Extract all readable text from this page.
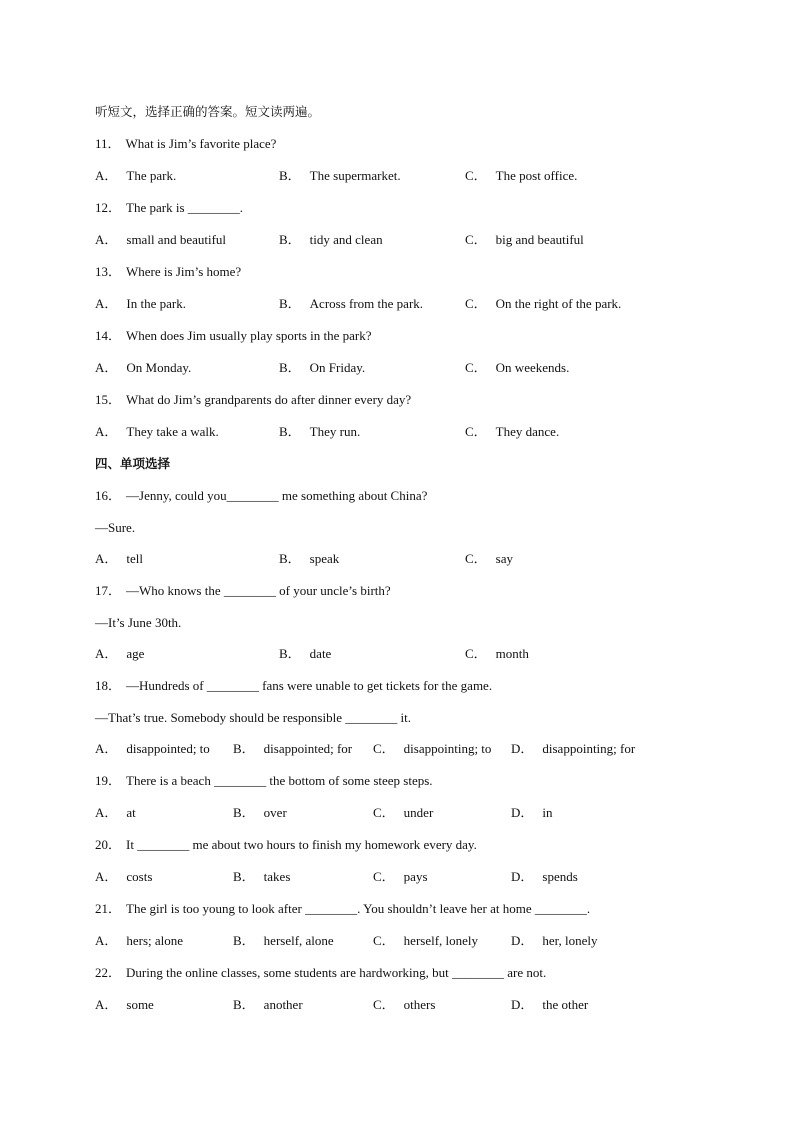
听短文，选择正确的答案。短文读两遍。
11． What is Jim’s favorite place?
A． The park.	B． The supermarket.	C． The post office.
12． The park is ________.
A． small and beautiful	B． tidy and clean	C． big and beautiful
13． Where is Jim’s home?
A． In the park.	B． Across from the park.	C． On the right of the park.
14． When does Jim usually play sports in the park?
A． On Monday.	B． On Friday.	C． On weekends.
15． What do Jim’s grandparents do after dinner every day?
A． They take a walk.	B． They run.	C． They dance.
四、单项选择
16． —Jenny, could you________ me something about China?
—Sure.
A． tell	B． speak	C． say
17． —Who knows the ________ of your uncle’s birth?
—It’s June 30th.
A． age	B． date	C． month
18． —Hundreds of ________ fans were unable to get tickets for the game.
—That’s true. Somebody should be responsible ________ it.
A． disappointed; to	B． disappointed; for	C． disappointing; to	D． disappointing; for
19． There is a beach ________ the bottom of some steep steps.
A． at	B． over	C． under	D． in
20． It ________ me about two hours to finish my homework every day.
A． costs	B． takes	C． pays	D． spends
21． The girl is too young to look after ________. You shouldn’t leave her at home ________.
A． hers; alone	B． herself, alone	C． herself, lonely	D． her, lonely
22． During the online classes, some students are hardworking, but ________ are not.
A． some	B． another	C． others	D． the other
